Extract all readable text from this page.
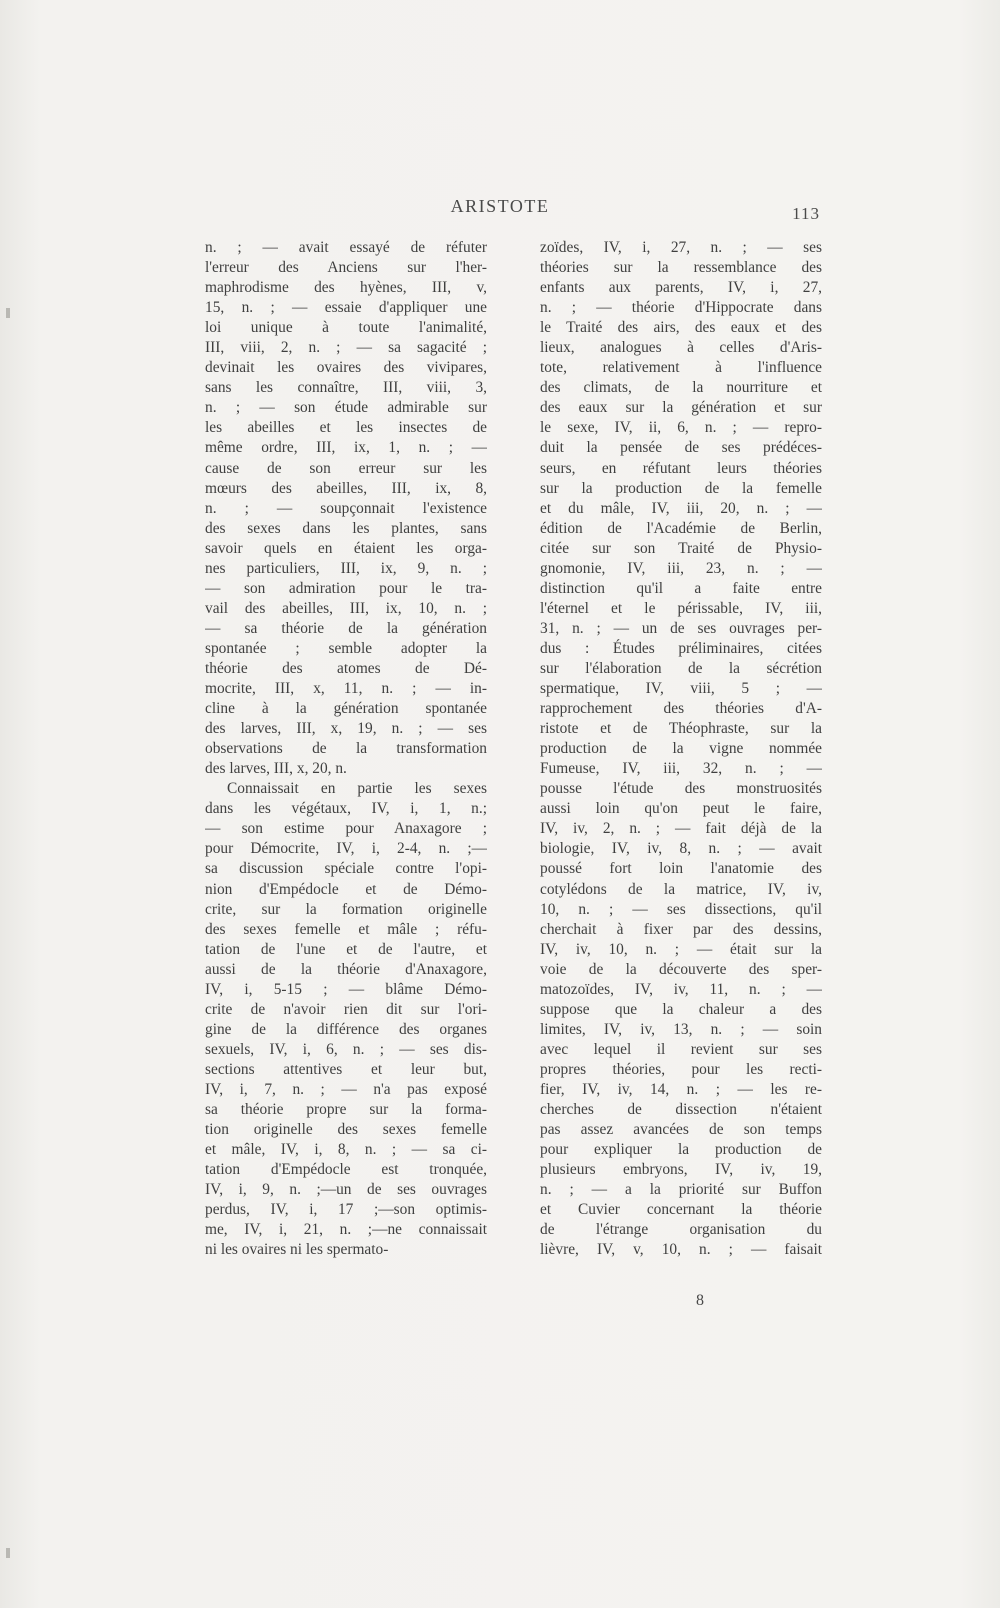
ARISTOTE	113
n. ; — avait essayé de réfuter
l'erreur des Anciens sur l'her-
maphrodisme des hyènes, III, v,
15, n. ; — essaie d'appliquer une
loi unique à toute l'animalité,
III, viii, 2, n. ; — sa sagacité ;
devinait les ovaires des vivipares,
sans les connaître, III, viii, 3,
n. ; — son étude admirable sur
les abeilles et les insectes de
même ordre, III, ix, 1, n. ; —
cause de son erreur sur les
mœurs des abeilles, III, ix, 8,
n. ; — soupçonnait l'existence
des sexes dans les plantes, sans
savoir quels en étaient les orga-
nes particuliers, III, ix, 9, n. ;
— son admiration pour le tra-
vail des abeilles, III, ix, 10, n. ;
— sa théorie de la génération
spontanée ; semble adopter la
théorie des atomes de Dé-
mocrite, III, x, 11, n. ; — in-
cline à la génération spontanée
des larves, III, x, 19, n. ; — ses
observations de la transformation
des larves, III, x, 20, n.
Connaissait en partie les sexes
dans les végétaux, IV, i, 1, n.;
— son estime pour Anaxagore ;
pour Démocrite, IV, i, 2-4, n. ;—
sa discussion spéciale contre l'opi-
nion d'Empédocle et de Démo-
crite, sur la formation originelle
des sexes femelle et mâle ; réfu-
tation de l'une et de l'autre, et
aussi de la théorie d'Anaxagore,
IV, i, 5-15 ; — blâme Démo-
crite de n'avoir rien dit sur l'ori-
gine de la différence des organes
sexuels, IV, i, 6, n. ; — ses dis-
sections attentives et leur but,
IV, i, 7, n. ; — n'a pas exposé
sa théorie propre sur la forma-
tion originelle des sexes femelle
et mâle, IV, i, 8, n. ; — sa ci-
tation d'Empédocle est tronquée,
IV, i, 9, n. ;—un de ses ouvrages
perdus, IV, i, 17 ;—son optimis-
me, IV, i, 21, n. ;—ne connaissait
ni les ovaires ni les spermato-
zoïdes, IV, i, 27, n. ; — ses
théories sur la ressemblance des
enfants aux parents, IV, i, 27,
n. ; — théorie d'Hippocrate dans
le Traité des airs, des eaux et des
lieux, analogues à celles d'Aris-
tote, relativement à l'influence
des climats, de la nourriture et
des eaux sur la génération et sur
le sexe, IV, ii, 6, n. ; — repro-
duit la pensée de ses prédéces-
seurs, en réfutant leurs théories
sur la production de la femelle
et du mâle, IV, iii, 20, n. ; —
édition de l'Académie de Berlin,
citée sur son Traité de Physio-
gnomonie, IV, iii, 23, n. ; —
distinction qu'il a faite entre
l'éternel et le périssable, IV, iii,
31, n. ; — un de ses ouvrages per-
dus : Études préliminaires, citées
sur l'élaboration de la sécrétion
spermatique, IV, viii, 5 ; —
rapprochement des théories d'A-
ristote et de Théophraste, sur la
production de la vigne nommée
Fumeuse, IV, iii, 32, n. ; —
pousse l'étude des monstruosités
aussi loin qu'on peut le faire,
IV, iv, 2, n. ; — fait déjà de la
biologie, IV, iv, 8, n. ; — avait
poussé fort loin l'anatomie des
cotylédons de la matrice, IV, iv,
10, n. ; — ses dissections, qu'il
cherchait à fixer par des dessins,
IV, iv, 10, n. ; — était sur la
voie de la découverte des sper-
matozoïdes, IV, iv, 11, n. ; —
suppose que la chaleur a des
limites, IV, iv, 13, n. ; — soin
avec lequel il revient sur ses
propres théories, pour les recti-
fier, IV, iv, 14, n. ; — les re-
cherches de dissection n'étaient
pas assez avancées de son temps
pour expliquer la production de
plusieurs embryons, IV, iv, 19,
n. ; — a la priorité sur Buffon
et Cuvier concernant la théorie
de l'étrange organisation du
lièvre, IV, v, 10, n. ; — faisait
8
